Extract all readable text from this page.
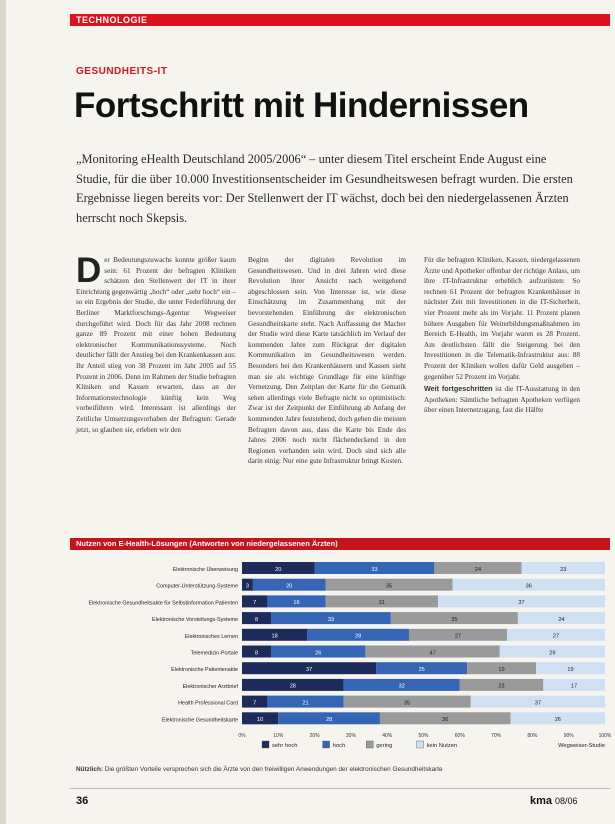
TECHNOLOGIE
GESUNDHEITS-IT
Fortschritt mit Hindernissen
„Monitoring eHealth Deutschland 2005/2006“ – unter diesem Titel erscheint Ende August eine Studie, für die über 10.000 Investitionsentscheider im Gesundheitswesen befragt wurden. Die ersten Ergebnisse liegen bereits vor: Der Stellenwert der IT wächst, doch bei den niedergelassenen Ärzten herrscht noch Skepsis.
D er Bedeutungszuwachs konnte größer kaum sein: 61 Prozent der befragten Kliniken schätzen den Stellenwert der IT in ihrer Einrichtung gegenwärtig „hoch“ oder „sehr hoch“ ein – so ein Ergebnis der Studie, die unter Federführung der Berliner Marktforschungs-Agentur Wegweiser durchgeführt wird. Doch für das Jahr 2008 rechnen ganze 89 Prozent mit einer hohen Bedeutung elektronischer Kommunikationssysteme. Noch deutlicher fällt der Anstieg bei den Krankenkassen aus: Ihr Anteil stieg von 38 Prozent im Jahr 2005 auf 55 Prozent in 2006. Denn im Rahmen der Studie befragten Kliniken und Kassen erwarten, dass an der Informationstechnologie künftig kein Weg vorbeiführen wird. Interessant ist allerdings der Zeitliche Umsetzungsvorhaben der Befragten: Gerade jetzt, so glauben sie, erleben wir den
Beginn der digitalen Revolution im Gesundheitswesen. Und in drei Jahren wird diese Revolution ihrer Ansicht nach weitgehend abgeschlossen sein. Von Interesse ist, wie diese Einschätzung im Zusammenhang mit der bevorstehenden Einführung der elektronischen Gesundheitskarte steht. Nach Auffassung der Macher der Studie wird diese Karte tatsächlich im Verlauf der kommenden Jahre zum Rückgrat der digitalen Kommunikation im Gesundheitswesen werden. Besonders bei den Krankenhäusern und Kassen sieht man sie als wichtige Grundlage für eine künftige Vernetzung. Den Zeitplan der Karte für die Gematik sehen allerdings viele Befragte nicht so optimistisch: Zwar ist der Zeitpunkt der Einführung ab Anfang der kommenden Jahre feststehend, doch gehen die meisten Befragten davon aus, dass die Karte bis Ende des Jahres 2006 noch nicht flächendeckend in den Regionen vorhanden sein wird. Doch sind sich alle darin einig: Nur eine gute Infrastruktur bringt Kosten.

Für die befragten Kliniken, Kassen, niedergelassenen Ärzte und Apotheker offenbar der richtige Anlass, um ihre IT-Infrastruktur erheblich aufzurüsten: So rechnen 61 Prozent der befragten Krankenhäuser in nächster Zeit mit Investitionen in die IT-Sicherheit, vier Prozent mehr als im Vorjahr. 11 Prozent planen höhere Ausgaben für Weiterbildungsmaßnahmen im Bereich E-Health, im Vorjahr waren es 28 Prozent. Am deutlichsten fällt die Steigerung bei den Investitionen in die Telematik-Infrastruktur aus: 88 Prozent der Kliniken wollen dafür Geld ausgeben – gegenüber 52 Prozent im Vorjahr.

Weit fortgeschritten ist die IT-Ausstattung in den Apotheken: Sämtliche befragten Apotheken verfügen über einen Internetzugang, fast die Hälfte

Nutzen von E-Health-Lösungen (Antworten von niedergelassenen Ärzten)
Elektronische Überweisung	20	33	24	23
Computer-Unterstützung-Systeme 3	20	35	36
Elektronische Gesundheitsakte für Selbstinformation Patienten	7	16	31	37
Elektronische Vorstellungs-Systeme	8	33	35	24
Elektronisches Lernen	18	28	27	27
Telemedizin-Portale	8	26	47	29
Elektronische Patientenakte	37	25	19	19
Elektronischer Arztbrief	28	32	23	17
Health Professional Card	7	21	35	37
Elektronische Gesundheitskarte	10	28	36	26
0%	10%	20%	30%	40%	50%	60%	70%	80%	90%	100%
sehr hoch	hoch	gering	kein Nutzen	Wegweiser-Studie
Nützlich: Die größten Vorteile versprechen sich die Ärzte von den freiwilligen Anwendungen der elektronischen Gesundheitskarte
36	kma 08/06
